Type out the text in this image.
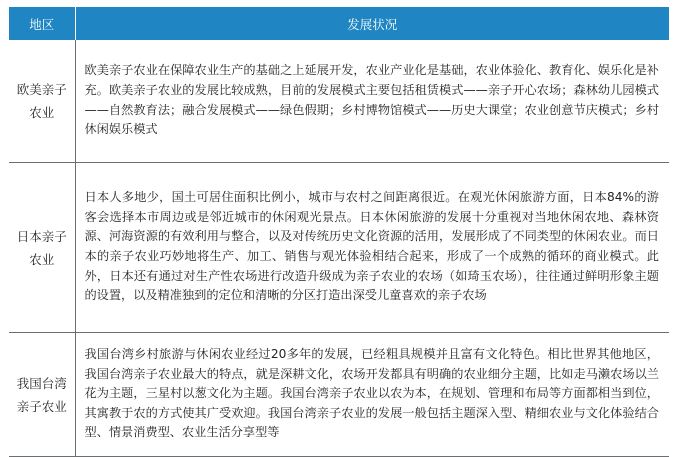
地区	发展状况
欧美亲子农业	欧美亲子农业在保障农业生产的基础之上延展开发，农业产业化是基础，农业体验化、教育化、娱乐化是补充。欧美亲子农业的发展比较成熟，目前的发展模式主要包括租赁模式——亲子开心农场；森林幼儿园模式——自然教育法；融合发展模式——绿色假期；乡村博物馆模式——历史大课堂；农业创意节庆模式；乡村休闲娱乐模式
日本亲子农业	日本人多地少，国土可居住面积比例小，城市与农村之间距离很近。在观光休闲旅游方面，日本84%的游客会选择本市周边或是邻近城市的休闲观光景点。日本休闲旅游的发展十分重视对当地休闲农地、森林资源、河海资源的有效利用与整合，以及对传统历史文化资源的活用，发展形成了不同类型的休闲农业。而日本的亲子农业巧妙地将生产、加工、销售与观光体验相结合起来，形成了一个成熟的循环的商业模式。此外，日本还有通过对生产性农场进行改造升级成为亲子农业的农场（如琦玉农场），往往通过鲜明形象主题的设置，以及精准独到的定位和清晰的分区打造出深受儿童喜欢的亲子农场
我国台湾亲子农业	我国台湾乡村旅游与休闲农业经过20多年的发展，已经粗具规模并且富有文化特色。相比世界其他地区，我国台湾亲子农业最大的特点，就是深耕文化，农场开发都具有明确的农业细分主题，比如走马濑农场以兰花为主题，三星村以葱文化为主题。我国台湾亲子农业以农为本，在规划、管理和布局等方面都相当到位，其寓教于农的方式使其广受欢迎。我国台湾亲子农业的发展一般包括主题深入型、精细农业与文化体验结合型、情景消费型、农业生活分享型等
